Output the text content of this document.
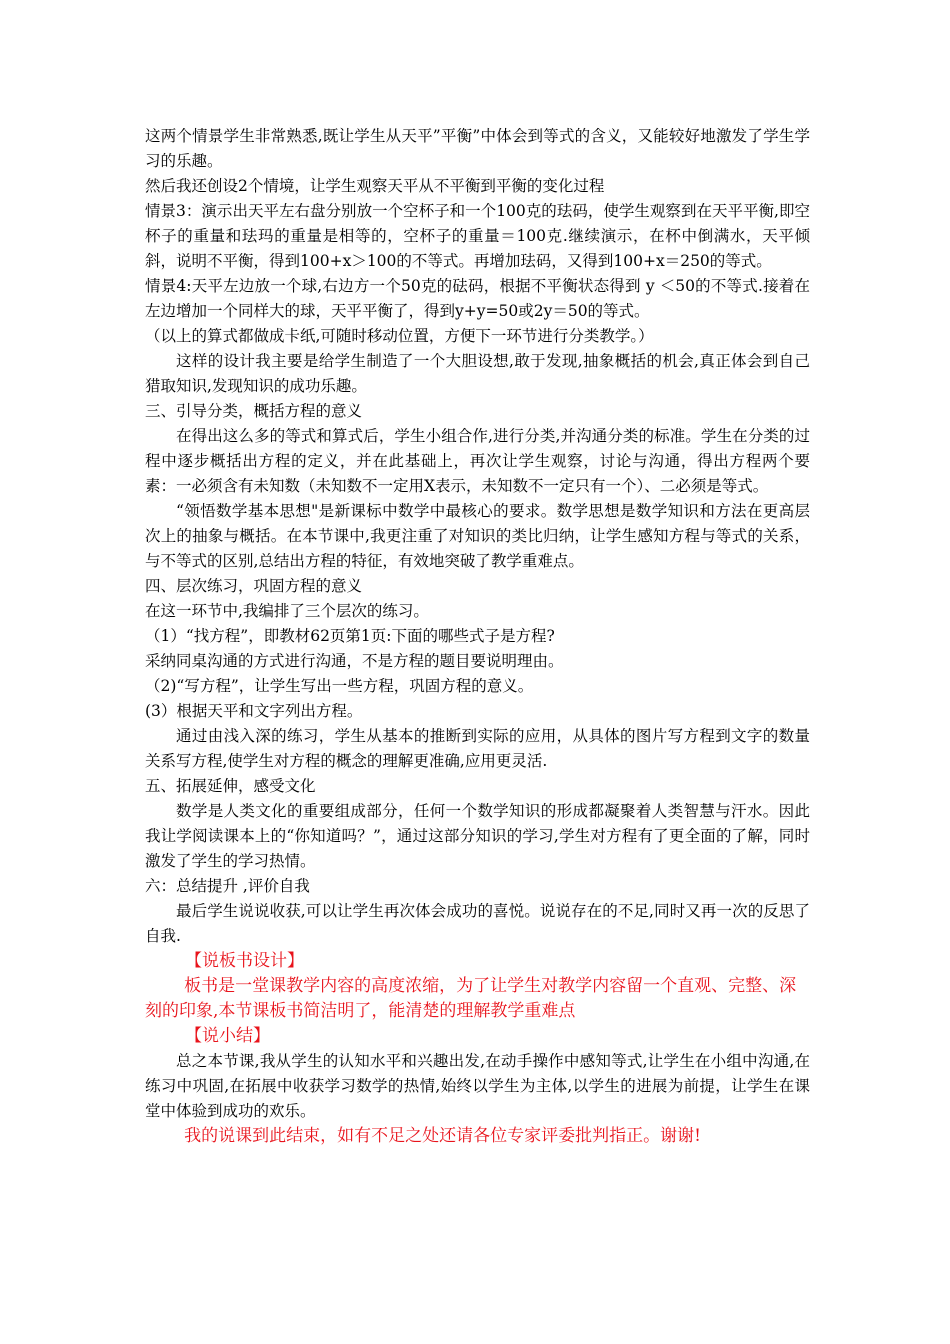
这两个情景学生非常熟悉,既让学生从天平”平衡”中体会到等式的含义，又能较好地激发了学生学习的乐趣。

然后我还创设2个情境，让学生观察天平从不平衡到平衡的变化过程

情景3：演示出天平左右盘分别放一个空杯子和一个100克的珐码，使学生观察到在天平平衡,即空杯子的重量和珐玛的重量是相等的，空杯子的重量＝100克.继续演示，在杯中倒满水，天平倾斜，说明不平衡，得到100+x＞100的不等式。再增加珐码，又得到100+x＝250的等式。

情景4:天平左边放一个球,右边方一个50克的砝码，根据不平衡状态得到 y ＜50的不等式.接着在左边增加一个同样大的球，天平平衡了，得到y+y=50或2y＝50的等式。

（以上的算式都做成卡纸,可随时移动位置，方便下一环节进行分类教学。）

这样的设计我主要是给学生制造了一个大胆设想,敢于发现,抽象概括的机会,真正体会到自己猎取知识,发现知识的成功乐趣。

三、引导分类，概括方程的意义

在得出这么多的等式和算式后，学生小组合作,进行分类,并沟通分类的标准。学生在分类的过程中逐步概括出方程的定义，并在此基础上，再次让学生观察，讨论与沟通，得出方程两个要素：一必须含有未知数（未知数不一定用X表示，未知数不一定只有一个）、二必须是等式。

“领悟数学基本思想"是新课标中数学中最核心的要求。数学思想是数学知识和方法在更高层次上的抽象与概括。在本节课中,我更注重了对知识的类比归纳，让学生感知方程与等式的关系，与不等式的区别,总结出方程的特征，有效地突破了教学重难点。

四、层次练习，巩固方程的意义

在这一环节中,我编排了三个层次的练习。

（1）“找方程”，即教材62页第1页:下面的哪些式子是方程?

采纳同桌沟通的方式进行沟通，不是方程的题目要说明理由。

（2)“写方程”，让学生写出一些方程，巩固方程的意义。

(3）根据天平和文字列出方程。

通过由浅入深的练习，学生从基本的推断到实际的应用，从具体的图片写方程到文字的数量关系写方程,使学生对方程的概念的理解更准确,应用更灵活.

五、拓展延伸，感受文化

数学是人类文化的重要组成部分，任何一个数学知识的形成都凝聚着人类智慧与汗水。因此我让学阅读课本上的“你知道吗？”，通过这部分知识的学习,学生对方程有了更全面的了解，同时激发了学生的学习热情。

六：总结提升 ,评价自我

最后学生说说收获,可以让学生再次体会成功的喜悦。说说存在的不足,同时又再一次的反思了自我.

【说板书设计】

板书是一堂课教学内容的高度浓缩，为了让学生对教学内容留一个直观、完整、深刻的印象,本节课板书简洁明了，能清楚的理解教学重难点

【说小结】

总之本节课,我从学生的认知水平和兴趣出发,在动手操作中感知等式,让学生在小组中沟通,在练习中巩固,在拓展中收获学习数学的热情,始终以学生为主体,以学生的进展为前提，让学生在课堂中体验到成功的欢乐。

我的说课到此结束，如有不足之处还请各位专家评委批判指正。谢谢!
